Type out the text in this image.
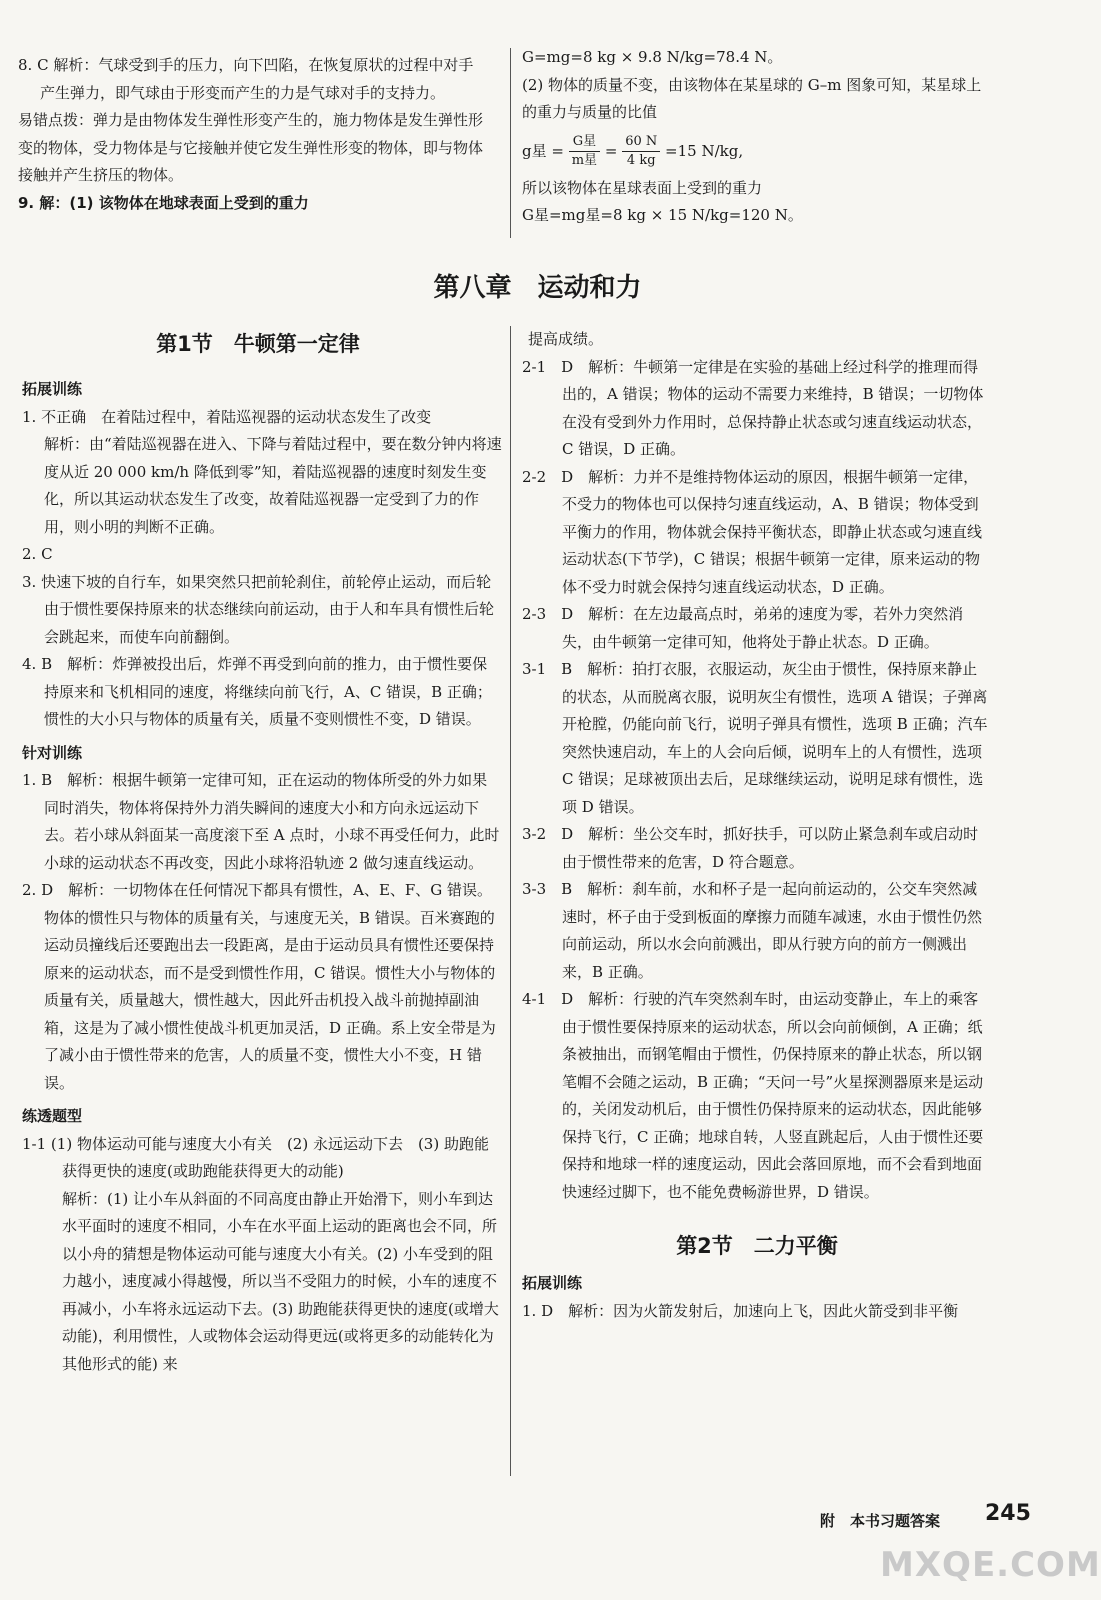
8. C 解析：气球受到手的压力，向下凹陷，在恢复原状的过程中对手产生弹力，即气球由于形变而产生的力是气球对手的支持力。

易错点拨：弹力是由物体发生弹性形变产生的，施力物体是发生弹性形变的物体，受力物体是与它接触并使它发生弹性形变的物体，即与物体接触并产生挤压的物体。

9. 解：(1) 该物体在地球表面上受到的重力

G=mg=8 kg × 9.8 N/kg=78.4 N。

(2) 物体的质量不变，由该物体在某星球的 G–m 图象可知，某星球上的重力与质量的比值

g星 = $\frac{\text{G星}}{\text{m星}} = \frac{60 N}{4 kg} =15$ N/kg,

所以该物体在星球表面上受到的重力

G星=mg星=8 kg × 15 N/kg=120 N。

第八章　运动和力
第1节　牛顿第一定律

拓展训练

1. 不正确　在着陆过程中，着陆巡视器的运动状态发生了改变

解析：由“着陆巡视器在进入、下降与着陆过程中，要在数分钟内将速度从近 20 000 km/h 降低到零”知，着陆巡视器的速度时刻发生变化，所以其运动状态发生了改变，故着陆巡视器一定受到了力的作用，则小明的判断不正确。

2. C

3. 快速下坡的自行车，如果突然只把前轮刹住，前轮停止运动，而后轮由于惯性要保持原来的状态继续向前运动，由于人和车具有惯性后轮会跳起来，而使车向前翻倒。

4. B　解析：炸弹被投出后，炸弹不再受到向前的推力，由于惯性要保持原来和飞机相同的速度，将继续向前飞行，A、C 错误，B 正确；惯性的大小只与物体的质量有关，质量不变则惯性不变，D 错误。

针对训练

1. B　解析：根据牛顿第一定律可知，正在运动的物体所受的外力如果同时消失，物体将保持外力消失瞬间的速度大小和方向永远运动下去。若小球从斜面某一高度滚下至 A 点时，小球不再受任何力，此时小球的运动状态不再改变，因此小球将沿轨迹 2 做匀速直线运动。

2. D　解析：一切物体在任何情况下都具有惯性，A、E、F、G 错误。物体的惯性只与物体的质量有关，与速度无关，B 错误。百米赛跑的运动员撞线后还要跑出去一段距离，是由于运动员具有惯性还要保持原来的运动状态，而不是受到惯性作用，C 错误。惯性大小与物体的质量有关，质量越大，惯性越大，因此歼击机投入战斗前抛掉副油箱，这是为了减小惯性使战斗机更加灵活，D 正确。系上安全带是为了减小由于惯性带来的危害，人的质量不变，惯性大小不变，H 错误。

练透题型

1-1 (1) 物体运动可能与速度大小有关　(2) 永远运动下去　(3) 助跑能获得更快的速度(或助跑能获得更大的动能)

解析：(1) 让小车从斜面的不同高度由静止开始滑下，则小车到达水平面时的速度不相同，小车在水平面上运动的距离也会不同，所以小舟的猜想是物体运动可能与速度大小有关。(2) 小车受到的阻力越小，速度减小得越慢，所以当不受阻力的时候，小车的速度不再减小，小车将永远运动下去。(3) 助跑能获得更快的速度(或增大动能)，利用惯性，人或物体会运动得更远(或将更多的动能转化为其他形式的能) 来

提高成绩。

2-1　D　解析：牛顿第一定律是在实验的基础上经过科学的推理而得出的，A 错误；物体的运动不需要力来维持，B 错误；一切物体在没有受到外力作用时，总保持静止状态或匀速直线运动状态，C 错误，D 正确。

2-2　D　解析：力并不是维持物体运动的原因，根据牛顿第一定律，不受力的物体也可以保持匀速直线运动，A、B 错误；物体受到平衡力的作用，物体就会保持平衡状态，即静止状态或匀速直线运动状态(下节学)，C 错误；根据牛顿第一定律，原来运动的物体不受力时就会保持匀速直线运动状态，D 正确。

2-3　D　解析：在左边最高点时，弟弟的速度为零，若外力突然消失，由牛顿第一定律可知，他将处于静止状态。D 正确。

3-1　B　解析：拍打衣服，衣服运动，灰尘由于惯性，保持原来静止的状态，从而脱离衣服，说明灰尘有惯性，选项 A 错误；子弹离开枪膛，仍能向前飞行，说明子弹具有惯性，选项 B 正确；汽车突然快速启动，车上的人会向后倾，说明车上的人有惯性，选项 C 错误；足球被顶出去后，足球继续运动，说明足球有惯性，选项 D 错误。

3-2　D　解析：坐公交车时，抓好扶手，可以防止紧急刹车或启动时由于惯性带来的危害，D 符合题意。

3-3　B　解析：刹车前，水和杯子是一起向前运动的，公交车突然减速时，杯子由于受到板面的摩擦力而随车减速，水由于惯性仍然向前运动，所以水会向前溅出，即从行驶方向的前方一侧溅出来，B 正确。

4-1　D　解析：行驶的汽车突然刹车时，由运动变静止，车上的乘客由于惯性要保持原来的运动状态，所以会向前倾倒，A 正确；纸条被抽出，而钢笔帽由于惯性，仍保持原来的静止状态，所以钢笔帽不会随之运动，B 正确；“天问一号”火星探测器原来是运动的，关闭发动机后，由于惯性仍保持原来的运动状态，因此能够保持飞行，C 正确；地球自转，人竖直跳起后，人由于惯性还要保持和地球一样的速度运动，因此会落回原地，而不会看到地面快速经过脚下，也不能免费畅游世界，D 错误。

第2节　二力平衡

拓展训练

1. D　解析：因为火箭发射后，加速向上飞，因此火箭受到非平衡

附　本书习题答案 245
MXQE.COM
